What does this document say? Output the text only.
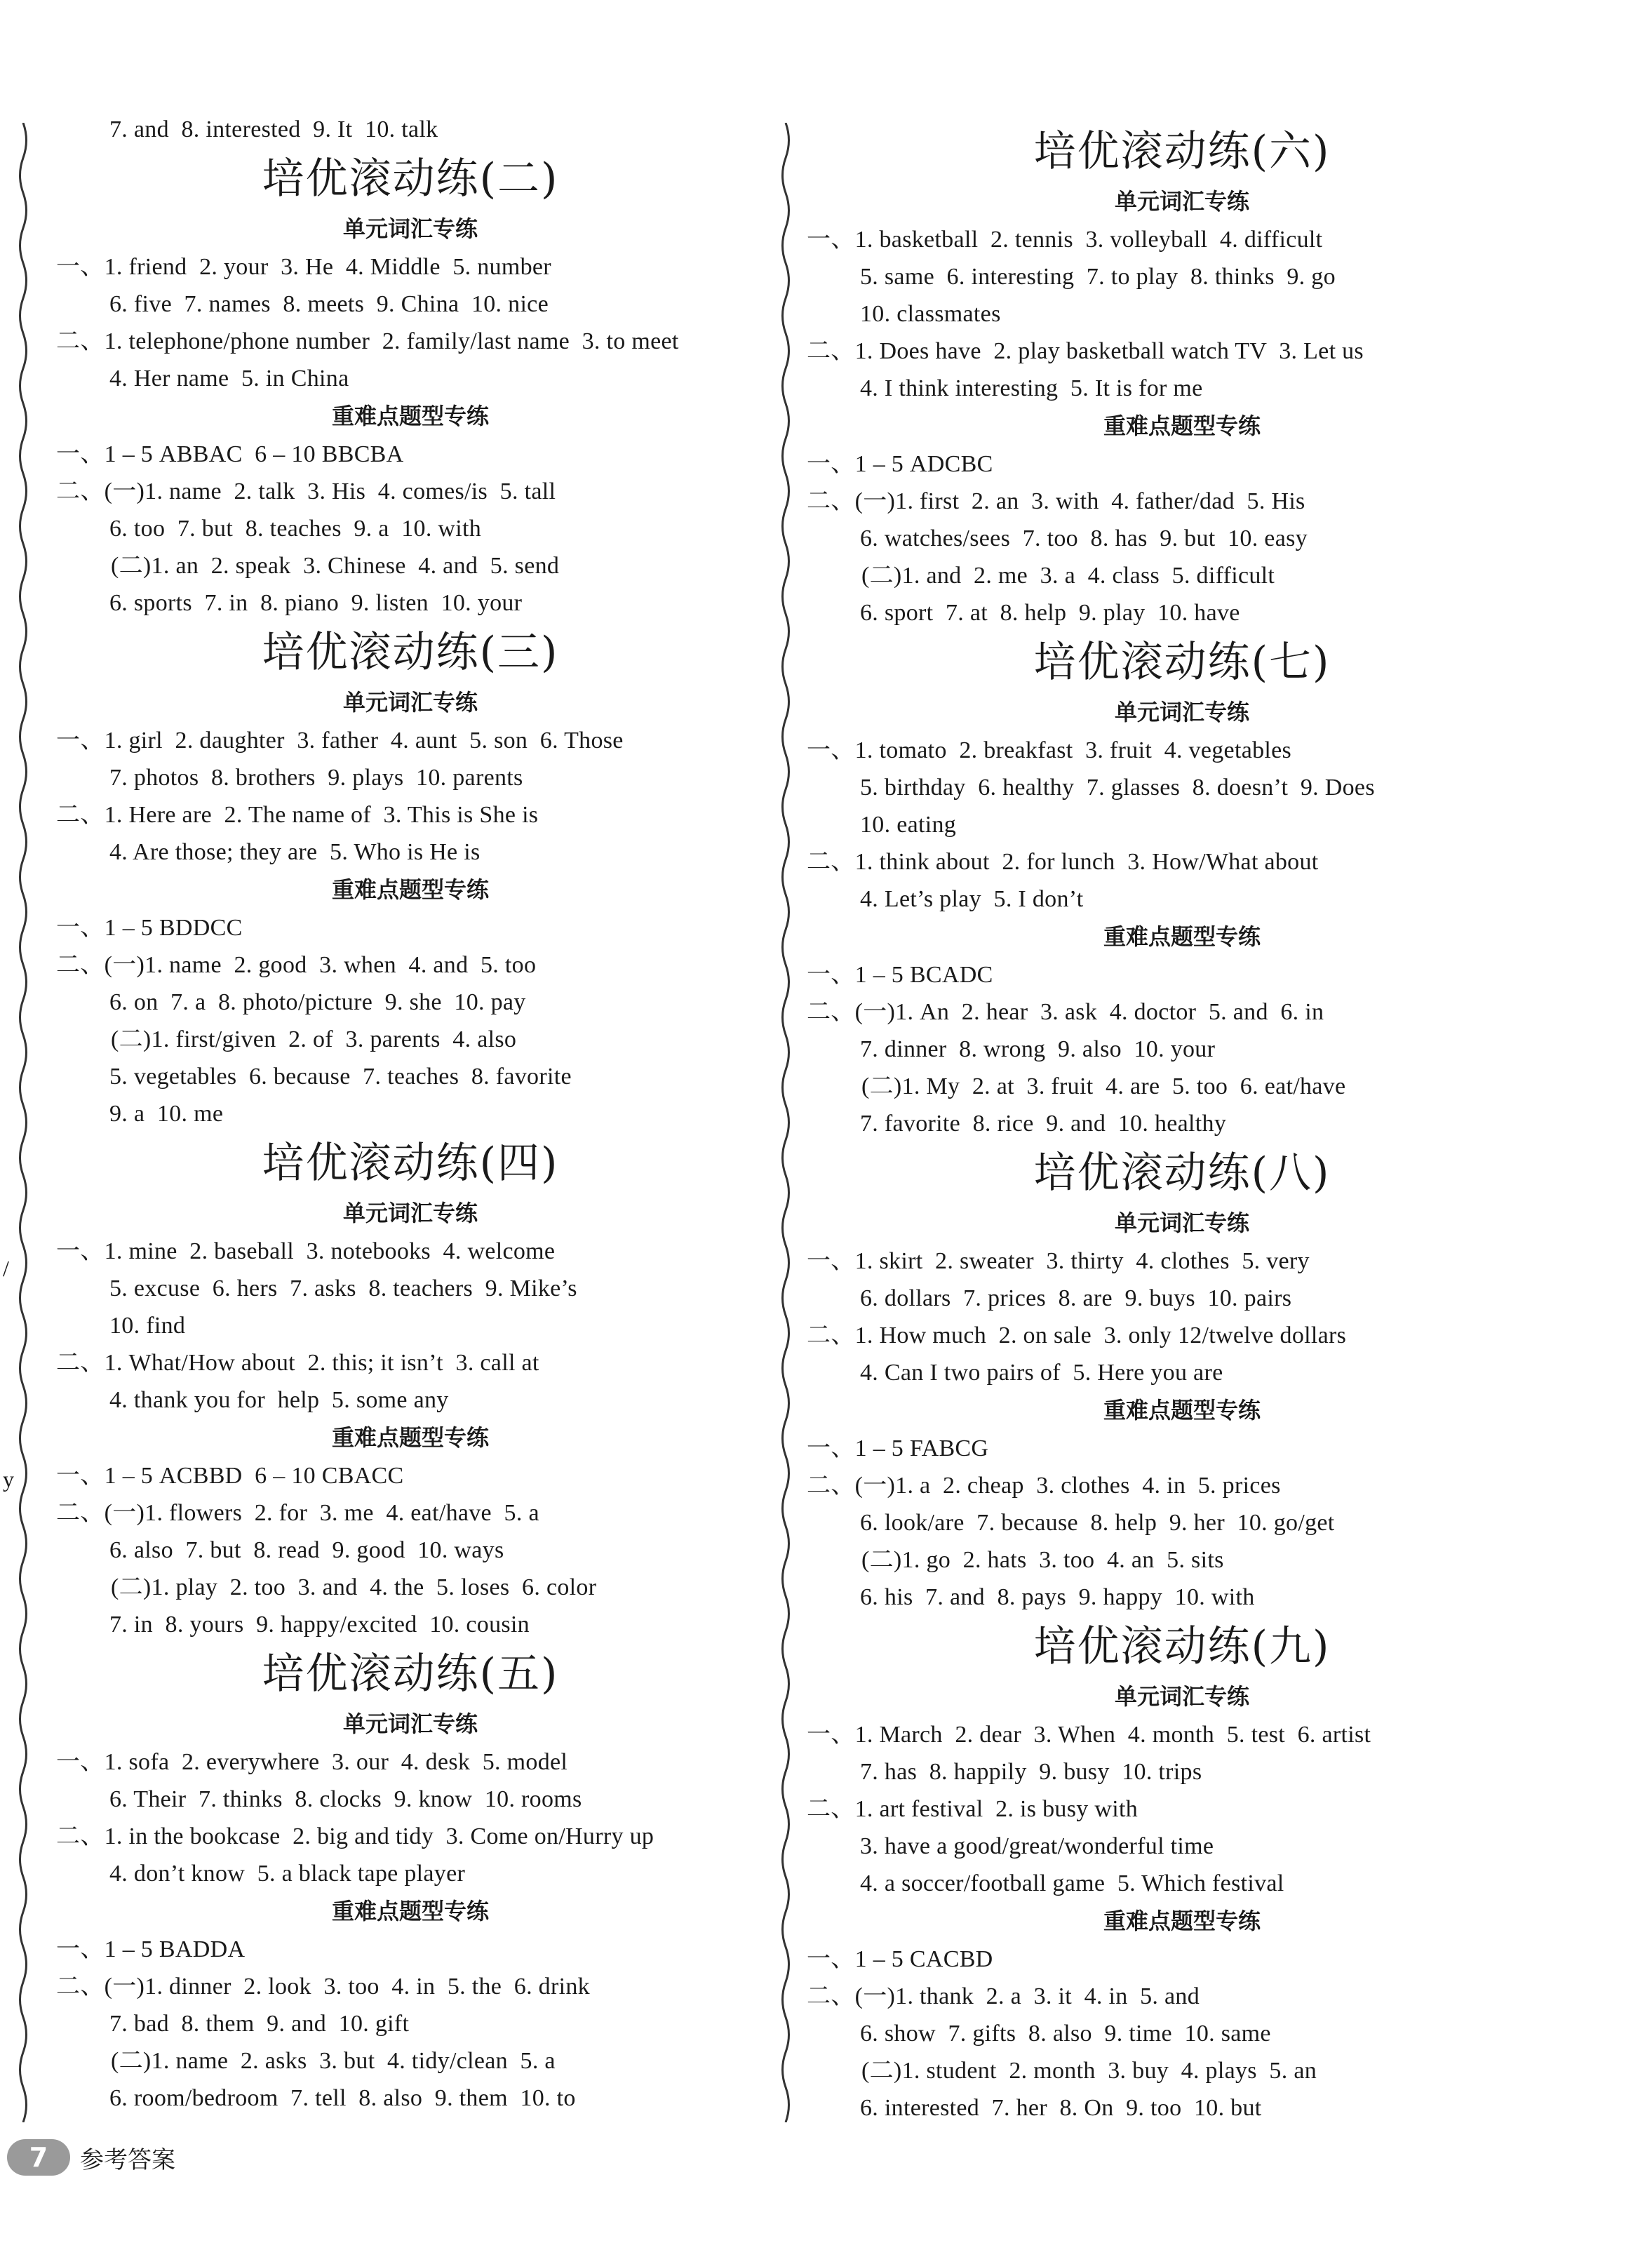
/
y
7. and  8. interested  9. It  10. talk
培优滚动练(二)
单元词汇专练
一、1. friend  2. your  3. He  4. Middle  5. number
6. five  7. names  8. meets  9. China  10. nice
二、1. telephone/phone number  2. family/last name  3. to meet
4. Her name  5. in China
重难点题型专练
一、1 – 5 ABBAC  6 – 10 BBCBA
二、(一)1. name  2. talk  3. His  4. comes/is  5. tall
6. too  7. but  8. teaches  9. a  10. with
(二)1. an  2. speak  3. Chinese  4. and  5. send
6. sports  7. in  8. piano  9. listen  10. your
培优滚动练(三)
单元词汇专练
一、1. girl  2. daughter  3. father  4. aunt  5. son  6. Those
7. photos  8. brothers  9. plays  10. parents
二、1. Here are  2. The name of  3. This is She is
4. Are those; they are  5. Who is He is
重难点题型专练
一、1 – 5 BDDCC
二、(一)1. name  2. good  3. when  4. and  5. too
6. on  7. a  8. photo/picture  9. she  10. pay
(二)1. first/given  2. of  3. parents  4. also
5. vegetables  6. because  7. teaches  8. favorite
9. a  10. me
培优滚动练(四)
单元词汇专练
一、1. mine  2. baseball  3. notebooks  4. welcome
5. excuse  6. hers  7. asks  8. teachers  9. Mike’s
10. find
二、1. What/How about  2. this; it isn’t  3. call at
4. thank you for  help  5. some any
重难点题型专练
一、1 – 5 ACBBD  6 – 10 CBACC
二、(一)1. flowers  2. for  3. me  4. eat/have  5. a
6. also  7. but  8. read  9. good  10. ways
(二)1. play  2. too  3. and  4. the  5. loses  6. color
7. in  8. yours  9. happy/excited  10. cousin
培优滚动练(五)
单元词汇专练
一、1. sofa  2. everywhere  3. our  4. desk  5. model
6. Their  7. thinks  8. clocks  9. know  10. rooms
二、1. in the bookcase  2. big and tidy  3. Come on/Hurry up
4. don’t know  5. a black tape player
重难点题型专练
一、1 – 5 BADDA
二、(一)1. dinner  2. look  3. too  4. in  5. the  6. drink
7. bad  8. them  9. and  10. gift
(二)1. name  2. asks  3. but  4. tidy/clean  5. a
6. room/bedroom  7. tell  8. also  9. them  10. to
培优滚动练(六)
单元词汇专练
一、1. basketball  2. tennis  3. volleyball  4. difficult
5. same  6. interesting  7. to play  8. thinks  9. go
10. classmates
二、1. Does have  2. play basketball watch TV  3. Let us
4. I think interesting  5. It is for me
重难点题型专练
一、1 – 5 ADCBC
二、(一)1. first  2. an  3. with  4. father/dad  5. His
6. watches/sees  7. too  8. has  9. but  10. easy
(二)1. and  2. me  3. a  4. class  5. difficult
6. sport  7. at  8. help  9. play  10. have
培优滚动练(七)
单元词汇专练
一、1. tomato  2. breakfast  3. fruit  4. vegetables
5. birthday  6. healthy  7. glasses  8. doesn’t  9. Does
10. eating
二、1. think about  2. for lunch  3. How/What about
4. Let’s play  5. I don’t
重难点题型专练
一、1 – 5 BCADC
二、(一)1. An  2. hear  3. ask  4. doctor  5. and  6. in
7. dinner  8. wrong  9. also  10. your
(二)1. My  2. at  3. fruit  4. are  5. too  6. eat/have
7. favorite  8. rice  9. and  10. healthy
培优滚动练(八)
单元词汇专练
一、1. skirt  2. sweater  3. thirty  4. clothes  5. very
6. dollars  7. prices  8. are  9. buys  10. pairs
二、1. How much  2. on sale  3. only 12/twelve dollars
4. Can I two pairs of  5. Here you are
重难点题型专练
一、1 – 5 FABCG
二、(一)1. a  2. cheap  3. clothes  4. in  5. prices
6. look/are  7. because  8. help  9. her  10. go/get
(二)1. go  2. hats  3. too  4. an  5. sits
6. his  7. and  8. pays  9. happy  10. with
培优滚动练(九)
单元词汇专练
一、1. March  2. dear  3. When  4. month  5. test  6. artist
7. has  8. happily  9. busy  10. trips
二、1. art festival  2. is busy with
3. have a good/great/wonderful time
4. a soccer/football game  5. Which festival
重难点题型专练
一、1 – 5 CACBD
二、(一)1. thank  2. a  3. it  4. in  5. and
6. show  7. gifts  8. also  9. time  10. same
(二)1. student  2. month  3. buy  4. plays  5. an
6. interested  7. her  8. On  9. too  10. but
7	参考答案
